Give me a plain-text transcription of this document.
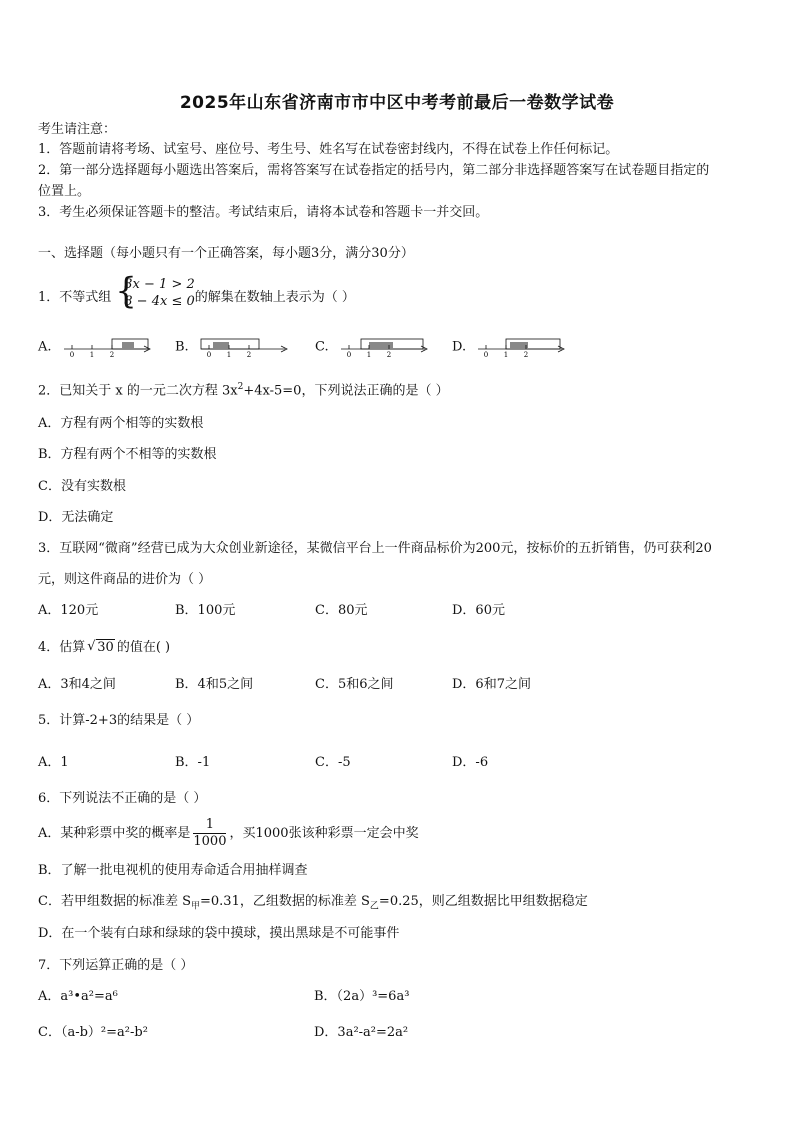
2025年山东省济南市市中区中考考前最后一卷数学试卷
考生请注意：
1．答题前请将考场、试室号、座位号、考生号、姓名写在试卷密封线内，不得在试卷上作任何标记。
2．第一部分选择题每小题选出答案后，需将答案写在试卷指定的括号内，第二部分非选择题答案写在试卷题目指定的
位置上。
3．考生必须保证答题卡的整洁。考试结束后，请将本试卷和答题卡一并交回。
一、选择题（每小题只有一个正确答案，每小题3分，满分30分）
1．不等式组 {
3x − 1 > 2
8 − 4x ≤ 0 的解集在数轴上表示为（ ）
A.
0 1 2
B.
0 1 2
C.
0 1 2
D.
0 1 2
2．已知关于 x 的一元二次方程 $3x^2+4x-5=0$，下列说法正确的是（ ）
A．方程有两个相等的实数根
B．方程有两个不相等的实数根
C．没有实数根
D．无法确定
3．互联网“微商”经营已成为大众创业新途径，某微信平台上一件商品标价为200元，按标价的五折销售，仍可获利20
元，则这件商品的进价为（ ）
A．120元	B．100元	C．80元	D．60元
4．估算 √ 30 的值在( )
A．3和4之间	B．4和5之间	C．5和6之间	D．6和7之间
5．计算-2+3的结果是（ ）
A．1	B．-1	C．-5	D．-6
6．下列说法不正确的是（ ）
A．某种彩票中奖的概率是 $\frac{1}{1000}$ ，买1000张该种彩票一定会中奖
B．了解一批电视机的使用寿命适合用抽样调查
C．若甲组数据的标准差 $S_甲=0.31$，乙组数据的标准差 $S_乙=0.25$，则乙组数据比甲组数据稳定
D．在一个装有白球和绿球的袋中摸球，摸出黑球是不可能事件
7．下列运算正确的是（ ）
A．a³•a²=a⁶	B．（2a）³=6a³
C．（a-b）²=a²-b²	D．3a²-a²=2a²
